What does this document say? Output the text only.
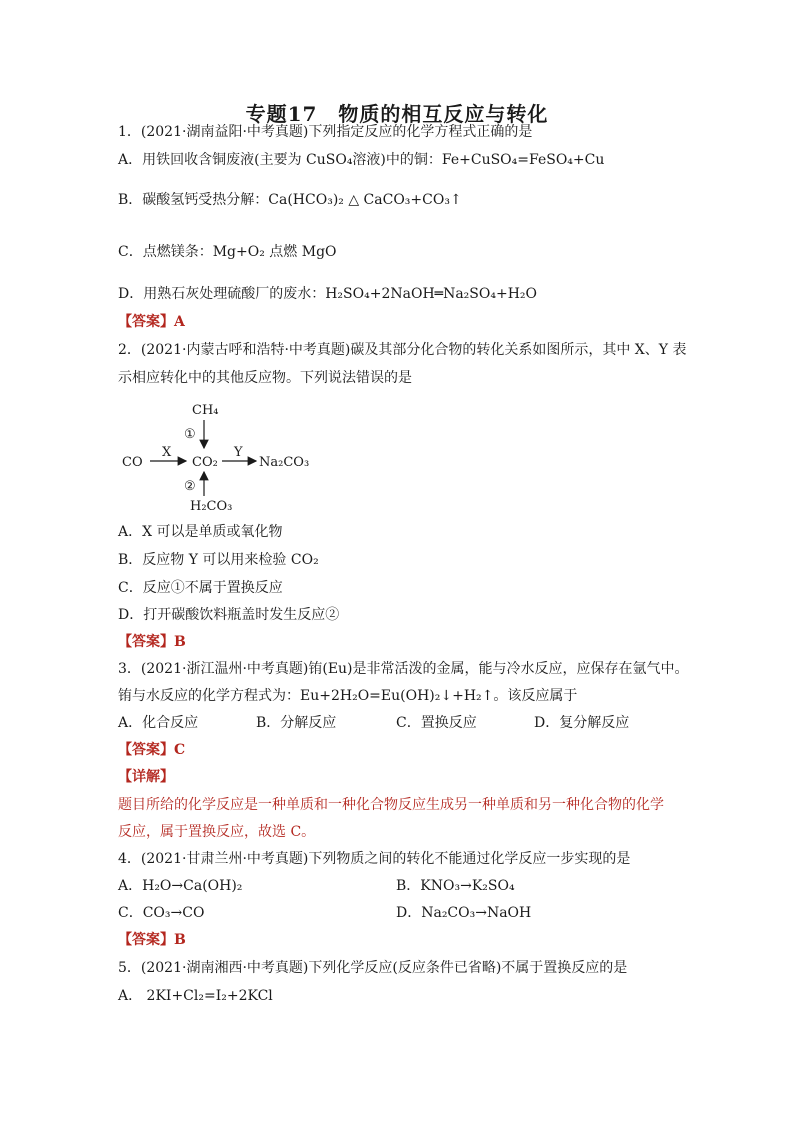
专题17　物质的相互反应与转化
1．(2021·湖南益阳·中考真题)下列指定反应的化学方程式正确的是
A．用铁回收含铜废液(主要为 CuSO₄溶液)中的铜：Fe+CuSO₄=FeSO₄+Cu
B．碳酸氢钙受热分解：Ca(HCO₃)₂ △ CaCO₃+CO₃↑
C．点燃镁条：Mg+O₂ 点燃 MgO
D．用熟石灰处理硫酸厂的废水：H₂SO₄+2NaOH═Na₂SO₄+H₂O
【答案】A
2．(2021·内蒙古呼和浩特·中考真题)碳及其部分化合物的转化关系如图所示，其中 X、Y 表
示相应转化中的其他反应物。下列说法错误的是
CH₄
①
CO
X
CO₂
Y
Na₂CO₃
②
H₂CO₃
A．X 可以是单质或氧化物
B．反应物 Y 可以用来检验 CO₂
C．反应①不属于置换反应
D．打开碳酸饮料瓶盖时发生反应②
【答案】B
3．(2021·浙江温州·中考真题)铕(Eu)是非常活泼的金属，能与冷水反应，应保存在氩气中。
铕与水反应的化学方程式为：Eu+2H₂O=Eu(OH)₂↓+H₂↑。该反应属于
A．化合反应	B．分解反应	C．置换反应	D．复分解反应
【答案】C
【详解】
题目所给的化学反应是一种单质和一种化合物反应生成另一种单质和另一种化合物的化学
反应，属于置换反应，故选 C。
4．(2021·甘肃兰州·中考真题)下列物质之间的转化不能通过化学反应一步实现的是
A．H₂O→Ca(OH)₂	B．KNO₃→K₂SO₄
C．CO₃→CO	D．Na₂CO₃→NaOH
【答案】B
5．(2021·湖南湘西·中考真题)下列化学反应(反应条件已省略)不属于置换反应的是
A． 2KI+Cl₂=I₂+2KCl
